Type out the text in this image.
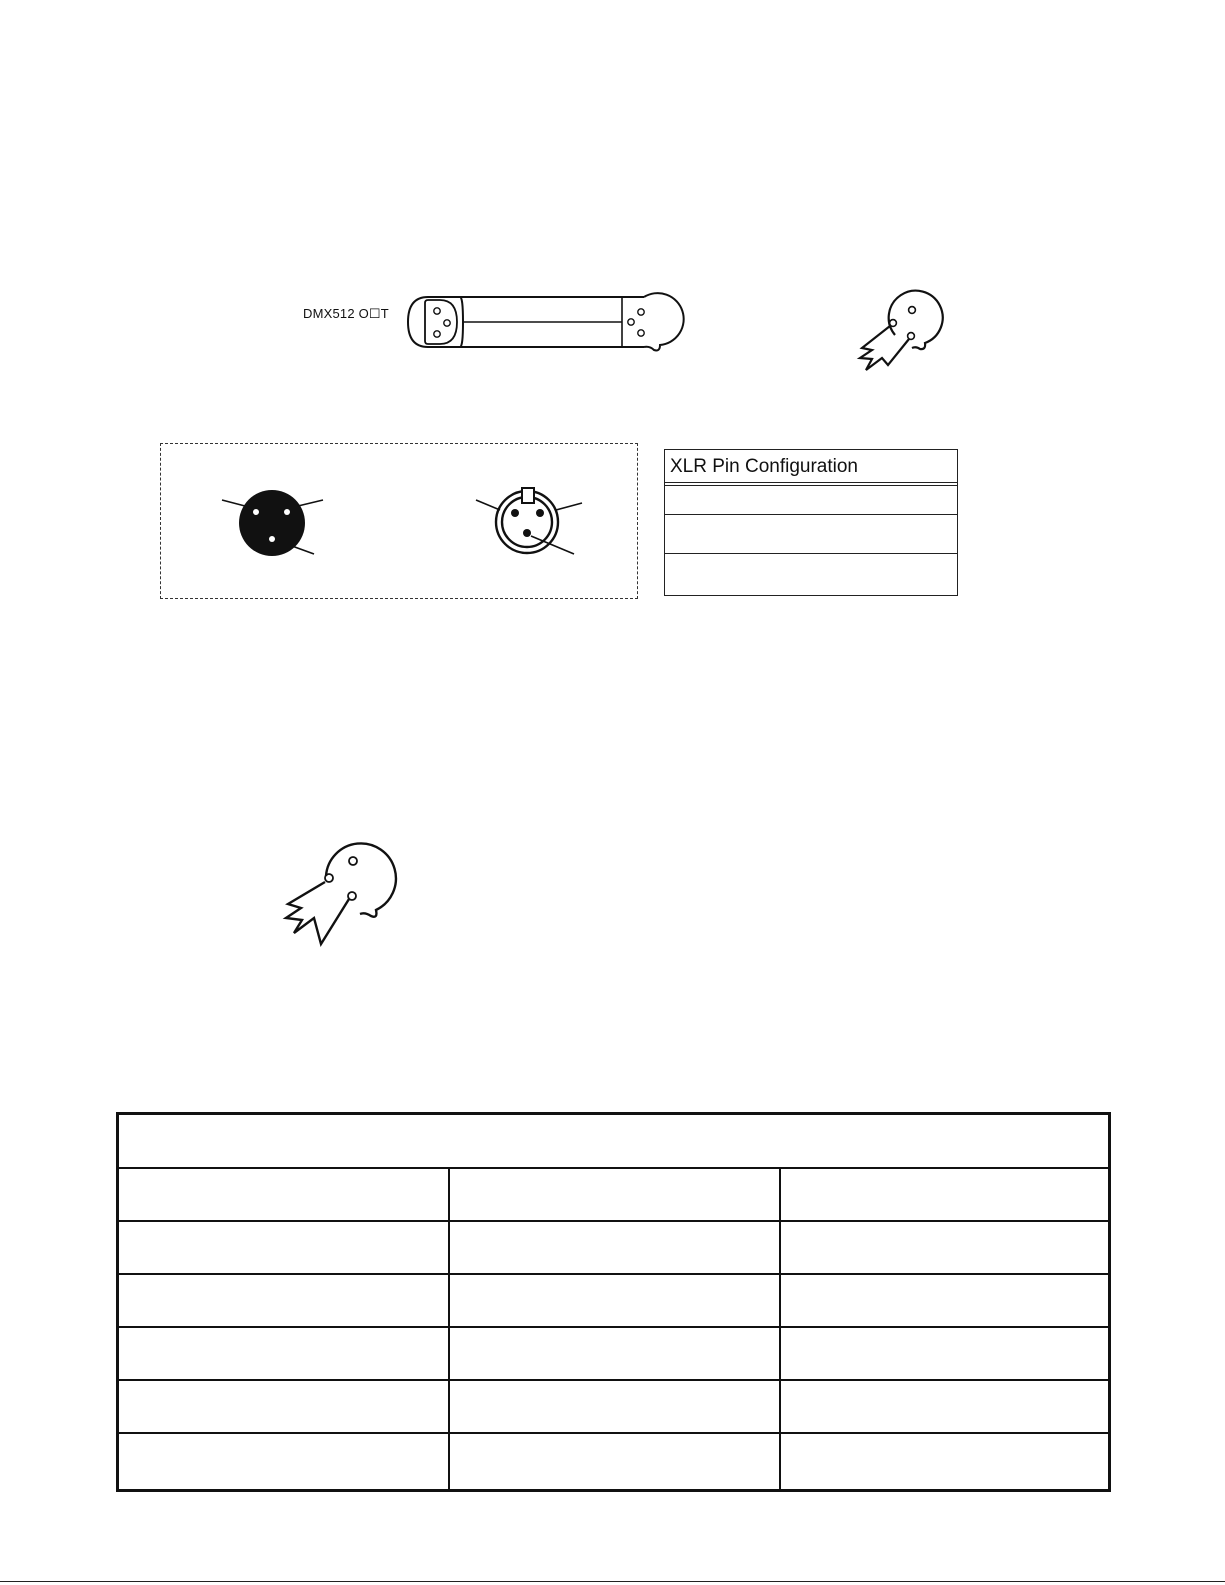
DMX512 O☐T
XLR Pin Configuration
